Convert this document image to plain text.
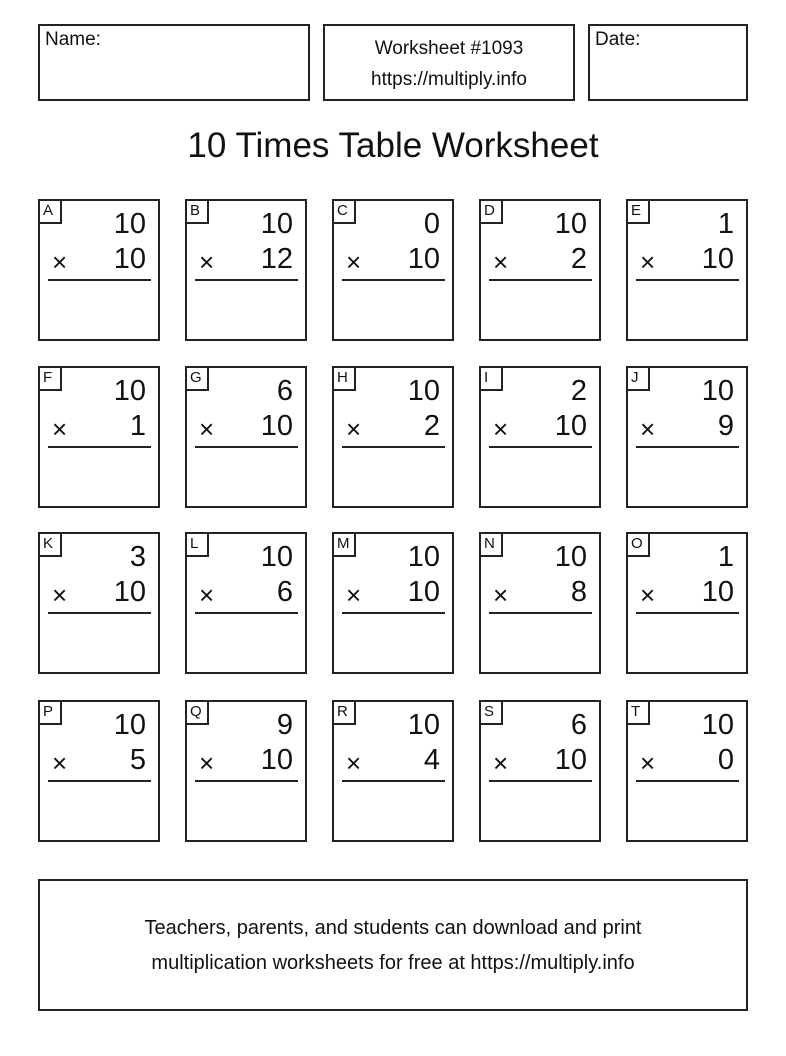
Name:	Worksheet #1093
https://multiply.info
Date:
10 Times Table Worksheet
A	10
× 10
B	10
× 12
C	0
× 10
D 10
× 2
E	1
× 10
F	10
× 1
G	6
× 10
H 10
× 2
I	2
× 10
J	10
× 9
K	3
× 10
L	10
× 6
M 10
× 10
N 10
× 8
O	1
× 10
P	10
× 5
Q	9
× 10
R 10
× 4
S	6
× 10
T	10
× 0
Teachers, parents, and students can download and print
multiplication worksheets for free at https://multiply.info
